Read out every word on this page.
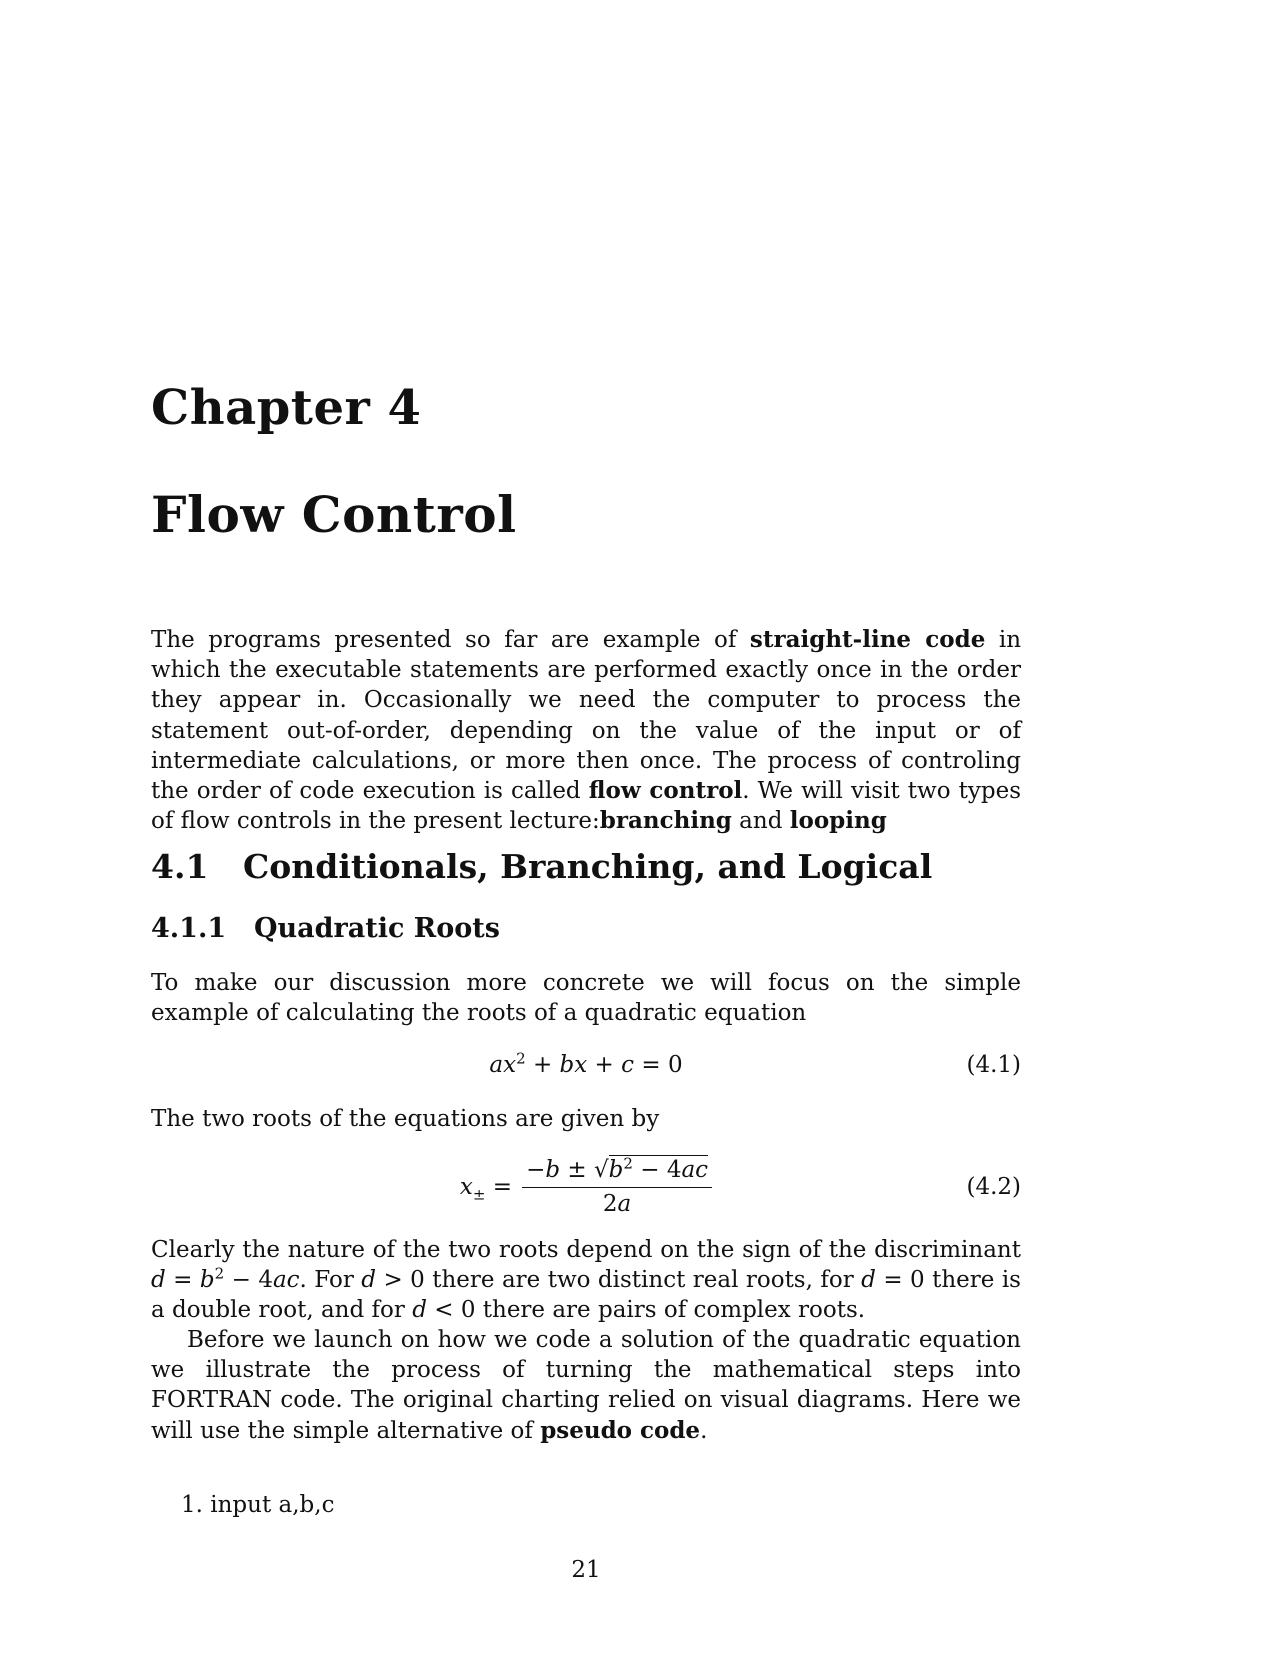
Chapter 4
Flow Control

The programs presented so far are example of straight-line code in which the executable statements are performed exactly once in the order they appear in. Occasionally we need the computer to process the statement out-of-order, depending on the value of the input or of intermediate calculations, or more then once. The process of controling the order of code execution is called flow control. We will visit two types of flow controls in the present lecture:branching and looping

4.1 Conditionals, Branching, and Logical
4.1.1 Quadratic Roots

To make our discussion more concrete we will focus on the simple example of calculating the roots of a quadratic equation

$ax^2$ + bx + c = 0	(4.1)

The two roots of the equations are given by

$x_\pm = \frac{-b \pm √b^2 - 4ac}{2a}$	(4.2)

Clearly the nature of the two roots depend on the sign of the discriminant $d = b^2 - 4ac$. For d > 0 there are two distinct real roots, for d = 0 there is a double root, and for d < 0 there are pairs of complex roots.

Before we launch on how we code a solution of the quadratic equation we illustrate the process of turning the mathematical steps into FORTRAN code. The original charting relied on visual diagrams. Here we will use the simple alternative of pseudo code.

1. input a,b,c
21
